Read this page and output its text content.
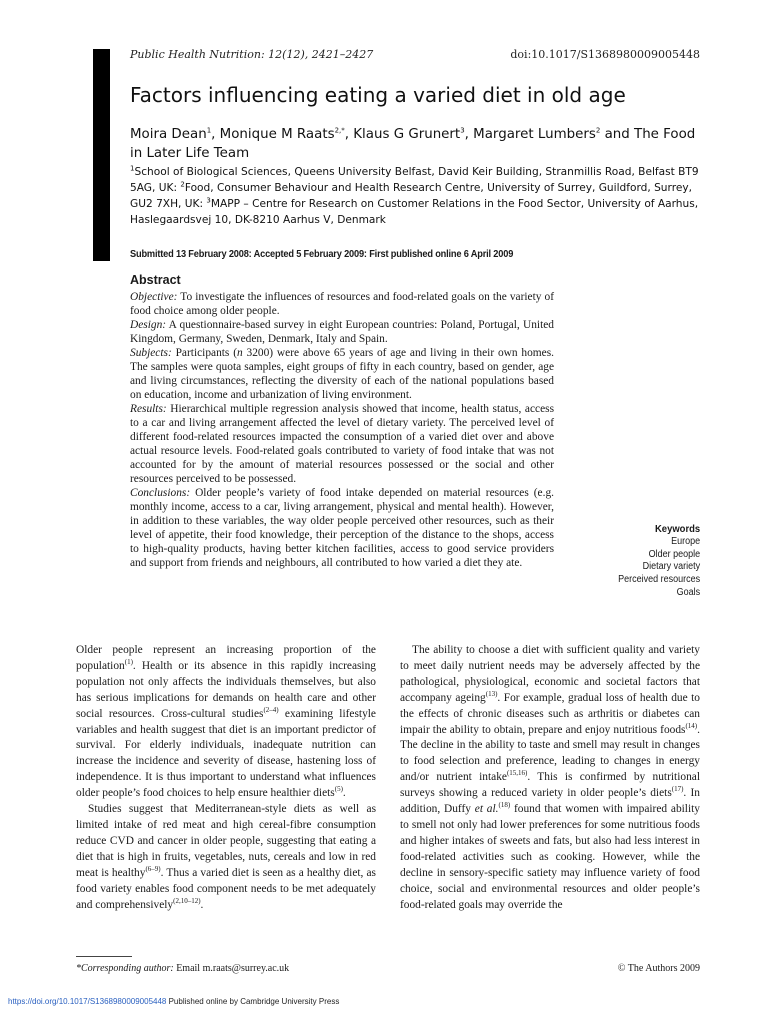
Public Health Nutrition: 12(12), 2421–2427	doi:10.1017/S1368980009005448
Factors influencing eating a varied diet in old age
Moira Dean$^1$, Monique M Raats$^{2,*}$, Klaus G Grunert$^3$, Margaret Lumbers$^2$ and The Food in Later Life Team
$^1$School of Biological Sciences, Queens University Belfast, David Keir Building, Stranmillis Road, Belfast BT9 5AG, UK: $^2$Food, Consumer Behaviour and Health Research Centre, University of Surrey, Guildford, Surrey, GU2 7XH, UK: $^3$MAPP – Centre for Research on Customer Relations in the Food Sector, University of Aarhus, Haslegaardsvej 10, DK-8210 Aarhus V, Denmark
Submitted 13 February 2008: Accepted 5 February 2009: First published online 6 April 2009
Abstract

Objective: To investigate the influences of resources and food-related goals on the variety of food choice among older people.

Design: A questionnaire-based survey in eight European countries: Poland, Portugal, United Kingdom, Germany, Sweden, Denmark, Italy and Spain.

Subjects: Participants (n 3200) were above 65 years of age and living in their own homes. The samples were quota samples, eight groups of fifty in each country, based on gender, age and living circumstances, reflecting the diversity of each of the national populations based on education, income and urbanization of living environment.

Results: Hierarchical multiple regression analysis showed that income, health status, access to a car and living arrangement affected the level of dietary variety. The perceived level of different food-related resources impacted the consumption of a varied diet over and above actual resource levels. Food-related goals contributed to variety of food intake that was not accounted for by the amount of material resources possessed or the social and other resources perceived to be possessed.

Conclusions: Older people’s variety of food intake depended on material resources (e.g. monthly income, access to a car, living arrangement, physical and mental health). However, in addition to these variables, the way older people perceived other resources, such as their level of appetite, their food knowledge, their perception of the distance to the shops, access to high-quality products, having better kitchen facilities, access to good service providers and support from friends and neighbours, all contributed to how varied a diet they ate.

Keywords
Europe
Older people
Dietary variety
Perceived resources
Goals

Older people represent an increasing proportion of the population$^{(1)}$. Health or its absence in this rapidly increasing population not only affects the individuals themselves, but also has serious implications for demands on health care and other social resources. Cross-cultural studies$^{(2-4)}$ examining lifestyle variables and health suggest that diet is an important predictor of survival. For elderly individuals, inadequate nutrition can increase the incidence and severity of disease, hastening loss of independence. It is thus important to understand what influences older people’s food choices to help ensure healthier diets$^{(5)}$.

Studies suggest that Mediterranean-style diets as well as limited intake of red meat and high cereal-fibre consumption reduce CVD and cancer in older people, suggesting that eating a diet that is high in fruits, vegetables, nuts, cereals and low in red meat is healthy$^{(6-9)}$. Thus a varied diet is seen as a healthy diet, as food variety enables food component needs to be met adequately and comprehensively$^{(2,10-12)}$.

The ability to choose a diet with sufficient quality and variety to meet daily nutrient needs may be adversely affected by the pathological, physiological, economic and societal factors that accompany ageing$^{(13)}$. For example, gradual loss of health due to the effects of chronic diseases such as arthritis or diabetes can impair the ability to obtain, prepare and enjoy nutritious foods$^{(14)}$. The decline in the ability to taste and smell may result in changes to food selection and preference, leading to changes in energy and/or nutrient intake$^{(15,16)}$. This is confirmed by nutritional surveys showing a reduced variety in older people’s diets$^{(17)}$. In addition, Duffy et al.$^{(18)}$ found that women with impaired ability to smell not only had lower preferences for some nutritious foods and higher intakes of sweets and fats, but also had less interest in food-related activities such as cooking. However, while the decline in sensory-specific satiety may influence variety of food choice, social and environmental resources and older people’s food-related goals may override the

*Corresponding author: Email m.raats@surrey.ac.uk	© The Authors 2009
https://doi.org/10.1017/S1368980009005448 Published online by Cambridge University Press
